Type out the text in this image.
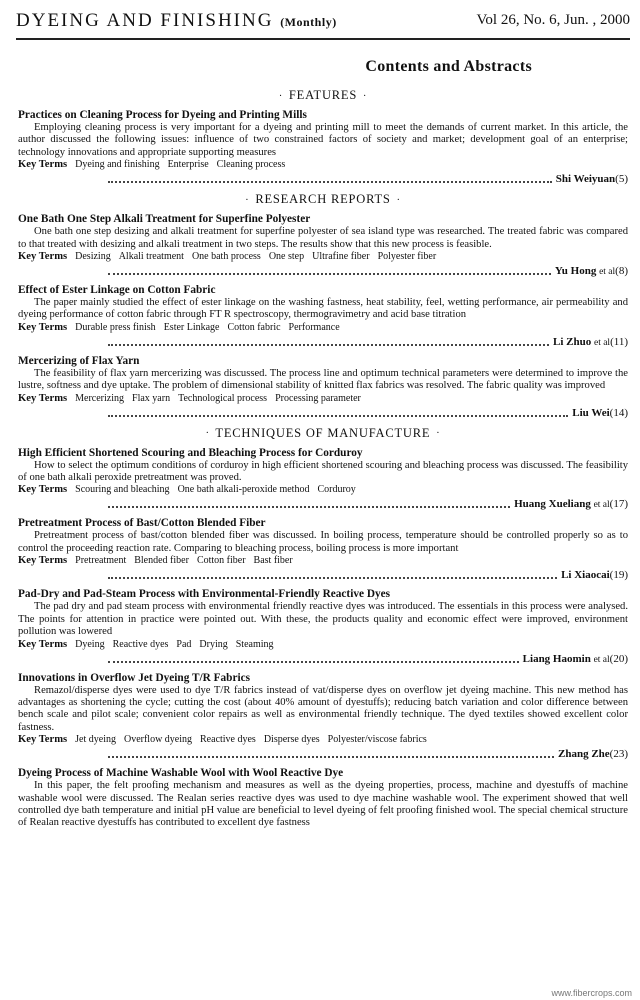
DYEING AND FINISHING (Monthly)	Vol 26, No. 6, Jun. , 2000
Contents and Abstracts
· FEATURES ·
Practices on Cleaning Process for Dyeing and Printing Mills
Employing cleaning process is very important for a dyeing and printing mill to meet the demands of current market. In this article, the author discussed the following issues: influence of two constrained factors of society and market; development goal of an enterprise; technology innovations and appropriate supporting measures
Key Terms Dyeing and finishing Enterprise Cleaning process
Shi Weiyuan(5)
· RESEARCH REPORTS ·
One Bath One Step Alkali Treatment for Superfine Polyester
One bath one step desizing and alkali treatment for superfine polyester of sea island type was researched. The treated fabric was compared to that treated with desizing and alkali treatment in two steps. The results show that this new process is feasible.
Key Terms Desizing Alkali treatment One bath process One step Ultrafine fiber Polyester fiber
Yu Hong et al(8)
Effect of Ester Linkage on Cotton Fabric
The paper mainly studied the effect of ester linkage on the washing fastness, heat stability, feel, wetting performance, air permeability and dyeing performance of cotton fabric through FT R spectroscopy, thermogravimetry and acid base titration
Key Terms Durable press finish Ester Linkage Cotton fabric Performance
Li Zhuo et al(11)
Mercerizing of Flax Yarn
The feasibility of flax yarn mercerizing was discussed. The process line and optimum technical parameters were determined to improve the lustre, softness and dye uptake. The problem of dimensional stability of knitted flax fabrics was resolved. The fabric quality was improved
Key Terms Mercerizing Flax yarn Technological process Processing parameter
Liu Wei(14)
· TECHNIQUES OF MANUFACTURE ·
High Efficient Shortened Scouring and Bleaching Process for Corduroy
How to select the optimum conditions of corduroy in high efficient shortened scouring and bleaching process was discussed. The feasibility of one bath alkali peroxide pretreatment was proved.
Key Terms Scouring and bleaching One bath alkali-peroxide method Corduroy
Huang Xueliang et al(17)
Pretreatment Process of Bast/Cotton Blended Fiber
Pretreatment process of bast/cotton blended fiber was discussed. In boiling process, temperature should be controlled properly so as to control the proceeding reaction rate. Comparing to bleaching process, boiling process is more important
Key Terms Pretreatment Blended fiber Cotton fiber Bast fiber
Li Xiaocai(19)
Pad-Dry and Pad-Steam Process with Environmental-Friendly Reactive Dyes
The pad dry and pad steam process with environmental friendly reactive dyes was introduced. The essentials in this process were analysed. The points for attention in practice were pointed out. With these, the products quality and economic effect were improved, environment pollution was lowered
Key Terms Dyeing Reactive dyes Pad Drying Steaming
Liang Haomin et al(20)
Innovations in Overflow Jet Dyeing T/R Fabrics
Remazol/disperse dyes were used to dye T/R fabrics instead of vat/disperse dyes on overflow jet dyeing machine. This new method has advantages as shortening the cycle; cutting the cost (about 40% amount of dyestuffs); reducing batch variation and color difference between bench scale and pilot scale; convenient color repairs as well as environmental friendly technique. The dyed textiles showed excellent color fastness.
Key Terms Jet dyeing Overflow dyeing Reactive dyes Disperse dyes Polyester/viscose fabrics
Zhang Zhe(23)
Dyeing Process of Machine Washable Wool with Wool Reactive Dye
In this paper, the felt proofing mechanism and measures as well as the dyeing properties, process, machine and dyestuffs of machine washable wool were discussed. The Realan series reactive dyes was used to dye machine washable wool. The experiment showed that well controlled dye bath temperature and initial pH value are beneficial to level dyeing of felt proofing finished wool. The special chemical structure of Realan reactive dyestuffs has contributed to excellent dye fastness
www.fibercrops.com
